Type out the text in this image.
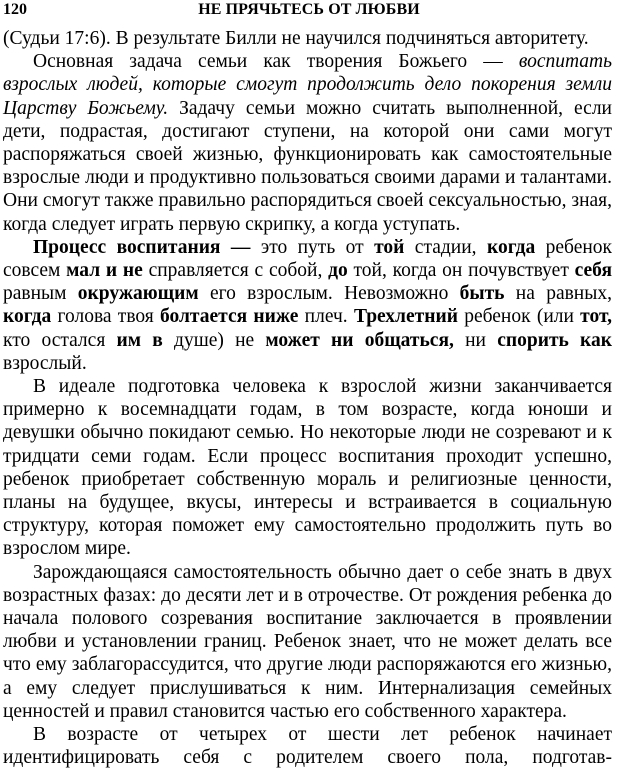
120	НЕ ПРЯЧЬТЕСЬ ОТ ЛЮБВИ

(Судьи 17:6). В результате Билли не научился подчиняться авторитету.

Основная задача семьи как творения Божьего — воспитать взрослых людей, которые смогут продолжить дело покорения земли Царству Божьему. Задачу семьи можно считать выполненной, если дети, подрастая, достигают ступени, на которой они сами могут распоряжаться своей жизнью, функционировать как самостоятельные взрослые люди и продуктивно пользоваться своими дарами и талантами. Они смогут также правильно распорядиться своей сексуальностью, зная, когда следует играть первую скрипку, а когда уступать.

Процесс воспитания — это путь от той стадии, когда ребенок совсем мал и не справляется с собой, до той, когда он почувствует себя равным окружающим его взрослым. Невозможно быть на равных, когда голова твоя болтается ниже плеч. Трехлетний ребенок (или тот, кто остался им в душе) не может ни общаться, ни спорить как взрослый.

В идеале подготовка человека к взрослой жизни заканчивается примерно к восемнадцати годам, в том возрасте, когда юноши и девушки обычно покидают семью. Но некоторые люди не созревают и к тридцати семи годам. Если процесс воспитания проходит успешно, ребенок приобретает собственную мораль и религиозные ценности, планы на будущее, вкусы, интересы и встраивается в социальную структуру, которая поможет ему самостоятельно продолжить путь во взрослом мире.

Зарождающаяся самостоятельность обычно дает о себе знать в двух возрастных фазах: до десяти лет и в отрочестве. От рождения ребенка до начала полового созревания воспитание заключается в проявлении любви и установлении границ. Ребенок знает, что не может делать все что ему заблагорассудится, что другие люди распоряжаются его жизнью, а ему следует прислушиваться к ним. Интернализация семейных ценностей и правил становится частью его собственного характера.

В возрасте от четырех от шести лет ребенок начинает идентифицировать себя с родителем своего пола, подготав-
